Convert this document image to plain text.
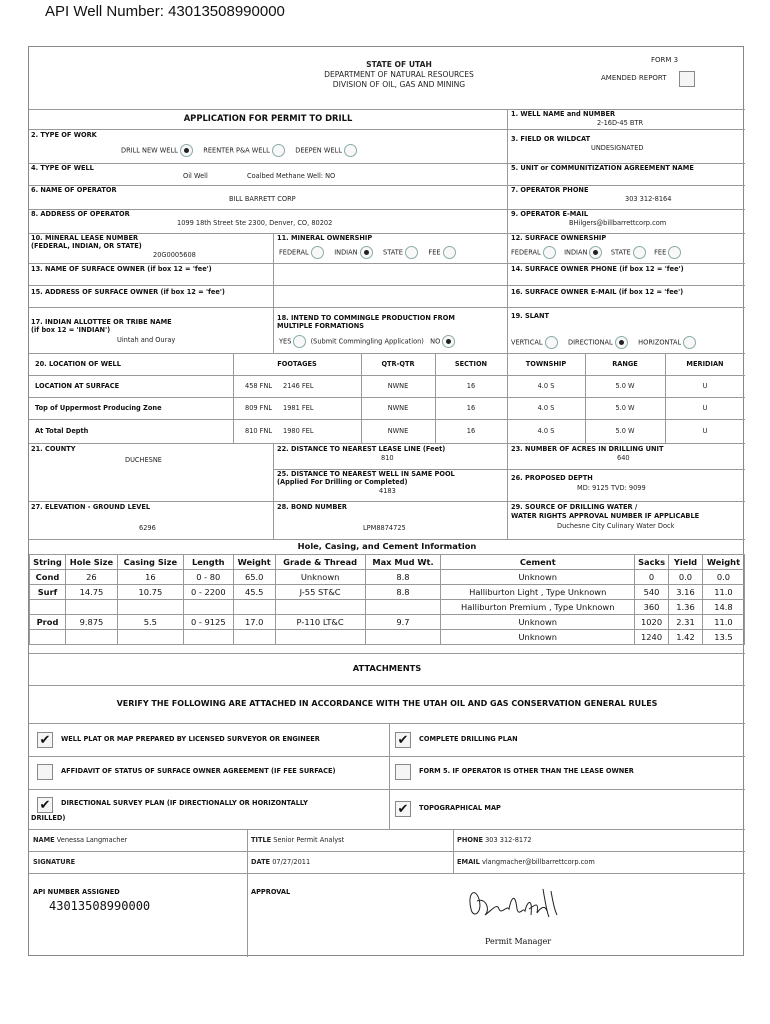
API Well Number: 43013508990000
STATE OF UTAH
DEPARTMENT OF NATURAL RESOURCES
DIVISION OF OIL, GAS AND MINING
FORM 3
AMENDED REPORT
APPLICATION FOR PERMIT TO DRILL	1. WELL NAME and NUMBER
2-16D-45 BTR
2. TYPE OF WORK
DRILL NEW WELL	REENTER P&A WELL	DEEPEN WELL
3. FIELD OR WILDCAT
UNDESIGNATED
4. TYPE OF WELL
Oil Well	Coalbed Methane Well: NO
5. UNIT or COMMUNITIZATION AGREEMENT NAME
6. NAME OF OPERATOR
BILL BARRETT CORP
7. OPERATOR PHONE
303 312-8164
8. ADDRESS OF OPERATOR
1099 18th Street Ste 2300, Denver, CO, 80202
9. OPERATOR E-MAIL
BHilgers@billbarrettcorp.com
10. MINERAL LEASE NUMBER
(FEDERAL, INDIAN, OR STATE)
20G0005608
11. MINERAL OWNERSHIP
FEDERAL	INDIAN	STATE	FEE
12. SURFACE OWNERSHIP
FEDERAL	INDIAN	STATE	FEE
13. NAME OF SURFACE OWNER (if box 12 = 'fee')	14. SURFACE OWNER PHONE (if box 12 = 'fee')
15. ADDRESS OF SURFACE OWNER (if box 12 = 'fee')	16. SURFACE OWNER E-MAIL (if box 12 = 'fee')
17. INDIAN ALLOTTEE OR TRIBE NAME
(if box 12 = 'INDIAN')
Uintah and Ouray
18. INTEND TO COMMINGLE PRODUCTION FROM
MULTIPLE FORMATIONS
YES	(Submit Commingling Application) NO
19. SLANT
VERTICAL	DIRECTIONAL	HORIZONTAL
20. LOCATION OF WELL	FOOTAGES	QTR-QTR	SECTION	TOWNSHIP	RANGE	MERIDIAN
LOCATION AT SURFACE	458 FNL 2146 FEL	NWNE	16	4.0 S	5.0 W	U
Top of Uppermost Producing Zone	809 FNL 1981 FEL	NWNE	16	4.0 S	5.0 W	U
At Total Depth	810 FNL 1980 FEL	NWNE	16	4.0 S	5.0 W	U
21. COUNTY
DUCHESNE
22. DISTANCE TO NEAREST LEASE LINE (Feet)
810
23. NUMBER OF ACRES IN DRILLING UNIT
640
25. DISTANCE TO NEAREST WELL IN SAME POOL
(Applied For Drilling or Completed)
4183
26. PROPOSED DEPTH
MD: 9125 TVD: 9099
27. ELEVATION - GROUND LEVEL
6296
28. BOND NUMBER
LPM8874725
29. SOURCE OF DRILLING WATER /
WATER RIGHTS APPROVAL NUMBER IF APPLICABLE
Duchesne City Culinary Water Dock
Hole, Casing, and Cement Information
String	Hole Size	Casing Size	Length	Weight	Grade & Thread	Max Mud Wt.	Cement	Sacks	Yield	Weight
Cond	26	16	0 - 80	65.0	Unknown	8.8	Unknown	0	0.0	0.0
Surf	14.75	10.75	0 - 2200	45.5	J-55 ST&C	8.8	Halliburton Light , Type Unknown	540	3.16	11.0
							Halliburton Premium , Type Unknown	360	1.36	14.8
Prod	9.875	5.5	0 - 9125	17.0	P-110 LT&C	9.7	Unknown	1020	2.31	11.0
							Unknown	1240	1.42	13.5
ATTACHMENTS
VERIFY THE FOLLOWING ARE ATTACHED IN ACCORDANCE WITH THE UTAH OIL AND GAS CONSERVATION GENERAL RULES
✔	WELL PLAT OR MAP PREPARED BY LICENSED SURVEYOR OR ENGINEER	✔	COMPLETE DRILLING PLAN
AFFIDAVIT OF STATUS OF SURFACE OWNER AGREEMENT (IF FEE SURFACE)	FORM 5. IF OPERATOR IS OTHER THAN THE LEASE OWNER
✔	DIRECTIONAL SURVEY PLAN (IF DIRECTIONALLY OR HORIZONTALLY
DRILLED)
✔	TOPOGRAPHICAL MAP
NAME Venessa Langmacher	TITLE Senior Permit Analyst	PHONE 303 312-8172
SIGNATURE	DATE 07/27/2011	EMAIL vlangmacher@billbarrettcorp.com
API NUMBER ASSIGNED
43013508990000
APPROVAL
Permit Manager
